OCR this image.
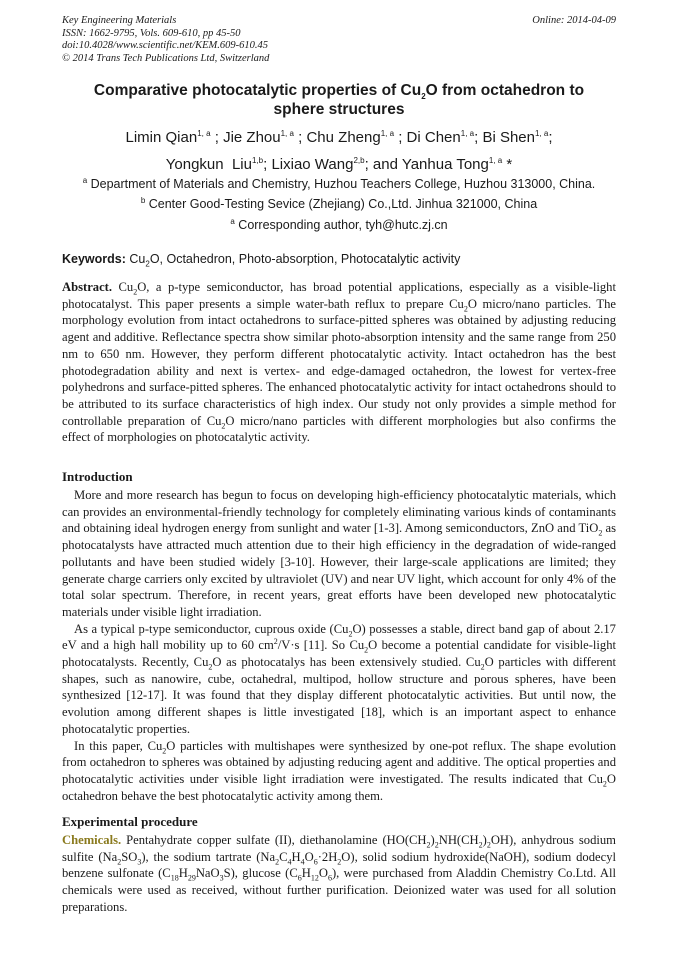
Key Engineering Materials
ISSN: 1662-9795, Vols. 609-610, pp 45-50
doi:10.4028/www.scientific.net/KEM.609-610.45
© 2014 Trans Tech Publications Ltd, Switzerland
Online: 2014-04-09
Comparative photocatalytic properties of $Cu_2O$ from octahedron to
sphere structures
Limin Qian$^{1, a}$ ; Jie Zhou$^{1, a}$ ; Chu Zheng$^{1, a}$ ; Di Chen$^{1, a}$; Bi Shen$^{1, a}$;
Yongkun  Liu$^{1,b}$; Lixiao Wang$^{2,b}$; and Yanhua Tong$^{1, a}$ *
$^a$ Department of Materials and Chemistry, Huzhou Teachers College, Huzhou 313000, China.
$^b$ Center Good-Testing Sevice (Zhejiang) Co.,Ltd. Jinhua 321000, China
$^a$ Corresponding author, tyh@hutc.zj.cn
Keywords: $Cu_2O$, Octahedron, Photo-absorption, Photocatalytic activity

Abstract. $Cu_2O$, a p-type semiconductor, has broad potential applications, especially as a visible-light photocatalyst. This paper presents a simple water-bath reflux to prepare $Cu_2O$ micro/nano particles. The morphology evolution from intact octahedrons to surface-pitted spheres was obtained by adjusting reducing agent and additive. Reflectance spectra show similar photo-absorption intensity and the same range from 250 nm to 650 nm. However, they perform different photocatalytic activity. Intact octahedron has the best photodegradation ability and next is vertex- and edge-damaged octahedron, the lowest for vertex-free polyhedrons and surface-pitted spheres. The enhanced photocatalytic activity for intact octahedrons should to be attributed to its surface characteristics of high index. Our study not only provides a simple method for controllable preparation of $Cu_2O$ micro/nano particles with different morphologies but also confirms the effect of morphologies on photocatalytic activity.

Introduction

More and more research has begun to focus on developing high-efficiency photocatalytic materials, which can provides an environmental-friendly technology for completely eliminating various kinds of contaminants and obtaining ideal hydrogen energy from sunlight and water [1-3]. Among semiconductors, ZnO and TiO$_2$ as photocatalysts have attracted much attention due to their high efficiency in the degradation of wide-ranged pollutants and have been studied widely [3-10]. However, their large-scale applications are limited; they generate charge carriers only excited by ultraviolet (UV) and near UV light, which account for only 4% of the total solar spectrum. Therefore, in recent years, great efforts have been developed new photocatalytic materials under visible light irradiation.

As a typical p-type semiconductor, cuprous oxide $(Cu_2O)$ possesses a stable, direct band gap of about 2.17 eV and a high hall mobility up to 60 $cm^2/V\cdot s$ [11]. So $Cu_2O$ become a potential candidate for visible-light photocatalysts. Recently, $Cu_2O$ as photocatalys has been extensively studied. $Cu_2O$ particles with different shapes, such as nanowire, cube, octahedral, multipod, hollow structure and porous spheres, have been synthesized [12-17]. It was found that they display different photocatalytic activities. But until now, the evolution among different shapes is little investigated [18], which is an important aspect to enhance photocatalytic properties.

In this paper, $Cu_2O$ particles with multishapes were synthesized by one-pot reflux. The shape evolution from octahedron to spheres was obtained by adjusting reducing agent and additive. The optical properties and photocatalytic activities under visible light irradiation were investigated. The results indicated that $Cu_2O$ octahedron behave the best photocatalytic activity among them.

Experimental procedure

Chemicals. Pentahydrate copper sulfate (II), diethanolamine $(HO(CH_2)_2NH(CH_2)_2OH)$, anhydrous sodium sulfite $(Na_2SO_3)$, the sodium tartrate $(Na_2C_4H_4O_6\cdot 2H_2O)$, solid sodium hydroxide(NaOH), sodium dodecyl benzene sulfonate $(C_{18}H_{29}NaO_3S)$, glucose $(C_6H_{12}O_6)$, were purchased from Aladdin Chemistry Co.Ltd. All chemicals were used as received, without further purification. Deionized water was used for all solution preparations.
